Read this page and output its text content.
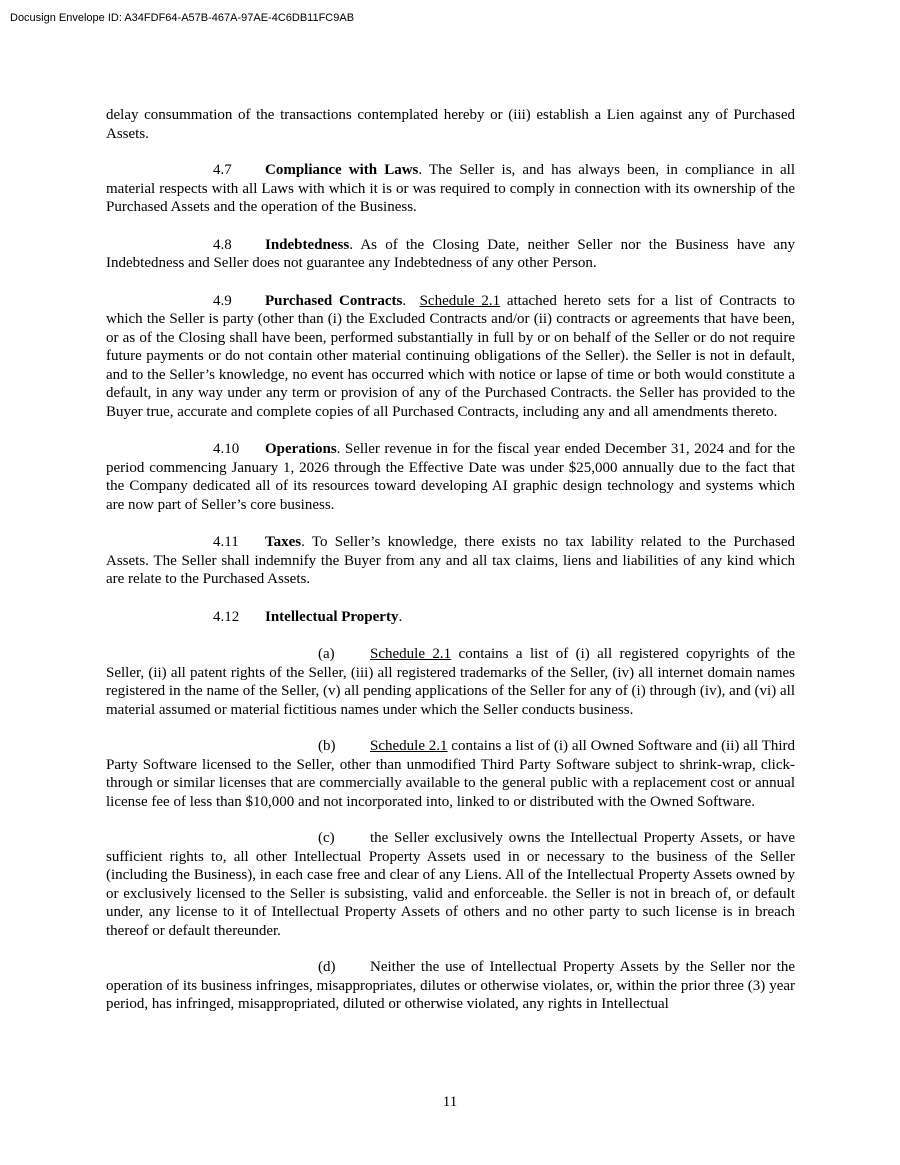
Docusign Envelope ID: A34FDF64-A57B-467A-97AE-4C6DB11FC9AB

delay consummation of the transactions contemplated hereby or (iii) establish a Lien against any of Purchased Assets.

4.7 Compliance with Laws. The Seller is, and has always been, in compliance in all material respects with all Laws with which it is or was required to comply in connection with its ownership of the Purchased Assets and the operation of the Business.

4.8 Indebtedness. As of the Closing Date, neither Seller nor the Business have any Indebtedness and Seller does not guarantee any Indebtedness of any other Person.

4.9 Purchased Contracts.  Schedule 2.1 attached hereto sets for a list of Contracts to which the Seller is party (other than (i) the Excluded Contracts and/or (ii) contracts or agreements that have been, or as of the Closing shall have been, performed substantially in full by or on behalf of the Seller or do not require future payments or do not contain other material continuing obligations of the Seller). the Seller is not in default, and to the Seller’s knowledge, no event has occurred which with notice or lapse of time or both would constitute a default, in any way under any term or provision of any of the Purchased Contracts. the Seller has provided to the Buyer true, accurate and complete copies of all Purchased Contracts, including any and all amendments thereto.

4.10 Operations. Seller revenue in for the fiscal year ended December 31, 2024 and for the period commencing January 1, 2026 through the Effective Date was under $25,000 annually due to the fact that the Company dedicated all of its resources toward developing AI graphic design technology and systems which are now part of Seller’s core business.

4.11 Taxes. To Seller’s knowledge, there exists no tax lability related to the Purchased Assets. The Seller shall indemnify the Buyer from any and all tax claims, liens and liabilities of any kind which are relate to the Purchased Assets.

4.12 Intellectual Property.

(a) Schedule 2.1 contains a list of (i) all registered copyrights of the Seller, (ii) all patent rights of the Seller, (iii) all registered trademarks of the Seller, (iv) all internet domain names registered in the name of the Seller, (v) all pending applications of the Seller for any of (i) through (iv), and (vi) all material assumed or material fictitious names under which the Seller conducts business.

(b) Schedule 2.1 contains a list of (i) all Owned Software and (ii) all Third Party Software licensed to the Seller, other than unmodified Third Party Software subject to shrink-wrap, click-through or similar licenses that are commercially available to the general public with a replacement cost or annual license fee of less than $10,000 and not incorporated into, linked to or distributed with the Owned Software.

(c) the Seller exclusively owns the Intellectual Property Assets, or have sufficient rights to, all other Intellectual Property Assets used in or necessary to the business of the Seller (including the Business), in each case free and clear of any Liens. All of the Intellectual Property Assets owned by or exclusively licensed to the Seller is subsisting, valid and enforceable. the Seller is not in breach of, or default under, any license to it of Intellectual Property Assets of others and no other party to such license is in breach thereof or default thereunder.

(d) Neither the use of Intellectual Property Assets by the Seller nor the operation of its business infringes, misappropriates, dilutes or otherwise violates, or, within the prior three (3) year period, has infringed, misappropriated, diluted or otherwise violated, any rights in Intellectual

11
